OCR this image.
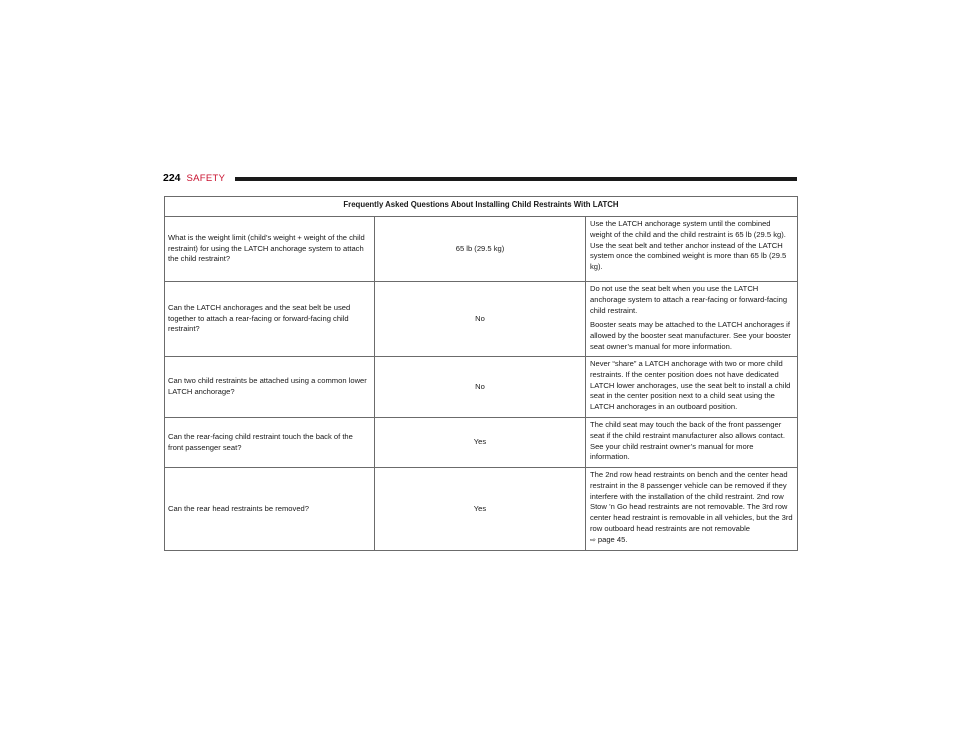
224 SAFETY
Frequently Asked Questions About Installing Child Restraints With LATCH		
What is the weight limit (child’s weight + weight of the child restraint) for using the LATCH anchorage system to attach the child restraint?	65 lb (29.5 kg)	Use the LATCH anchorage system until the combined weight of the child and the child restraint is 65 lb (29.5 kg). Use the seat belt and tether anchor instead of the LATCH system once the combined weight is more than 65 lb (29.5 kg).

Can the LATCH anchorages and the seat belt be used together to attach a rear-facing or forward-facing child restraint?	No	Do not use the seat belt when you use the LATCH anchorage system to attach a rear-facing or forward-facing child restraint.

Booster seats may be attached to the LATCH anchorages if allowed by the booster seat manufacturer. See your booster seat owner’s manual for more information.

Can two child restraints be attached using a common lower LATCH anchorage?	No	Never “share” a LATCH anchorage with two or more child restraints. If the center position does not have dedicated LATCH lower anchorages, use the seat belt to install a child seat in the center position next to a child seat using the LATCH anchorages in an outboard position.

Can the rear-facing child restraint touch the back of the front passenger seat?	Yes	The child seat may touch the back of the front passenger seat if the child restraint manufacturer also allows contact. See your child restraint owner’s manual for more information.

Can the rear head restraints be removed?	Yes	The 2nd row head restraints on bench and the center head restraint in the 8 passenger vehicle can be removed if they interfere with the installation of the child restraint. 2nd row Stow ’n Go head restraints are not removable. The 3rd row center head restraint is removable in all vehicles, but the 3rd row outboard head restraints are not removable
⇨ page 45.
